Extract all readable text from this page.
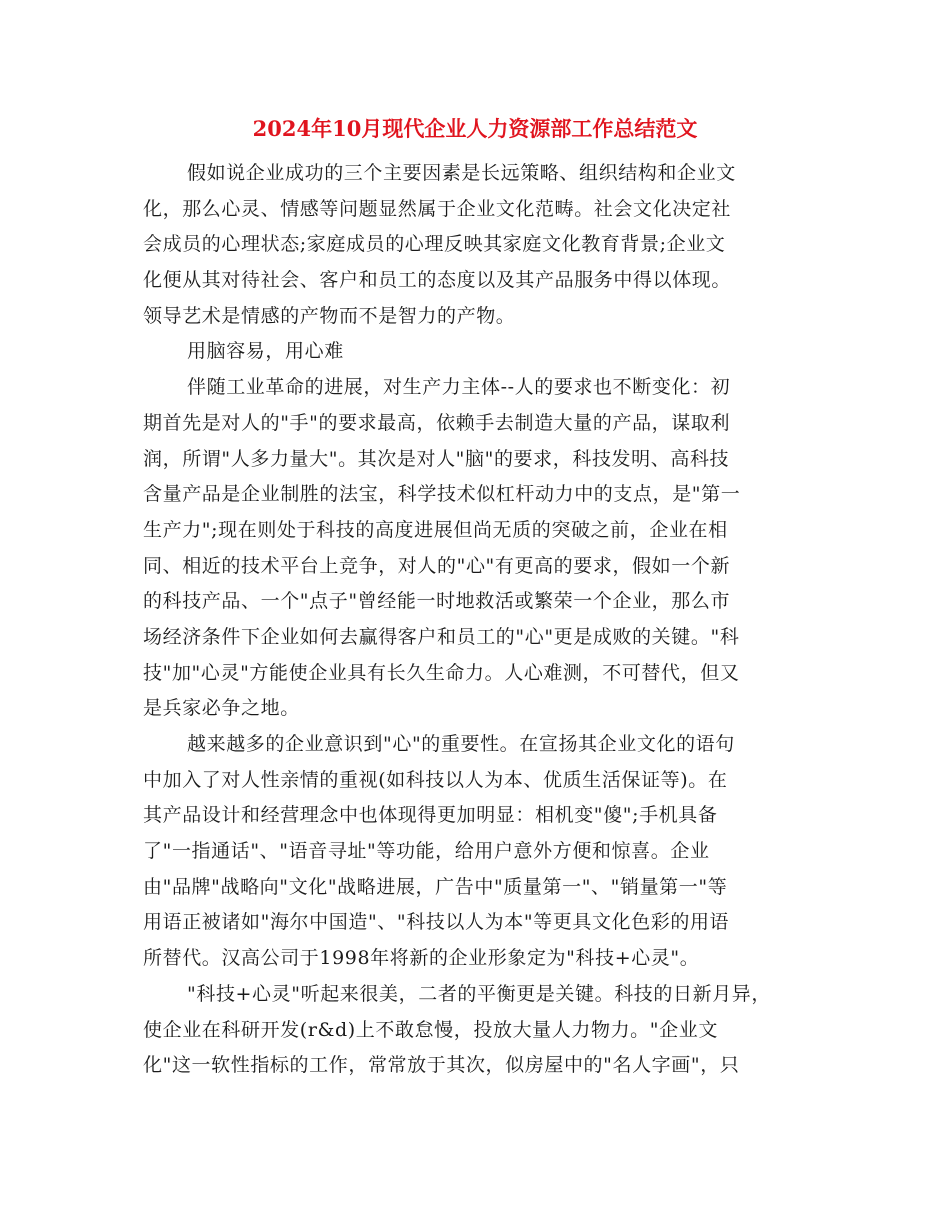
2024年10月现代企业人力资源部工作总结范文
假如说企业成功的三个主要因素是长远策略、组织结构和企业文
化，那么心灵、情感等问题显然属于企业文化范畴。社会文化决定社
会成员的心理状态;家庭成员的心理反映其家庭文化教育背景;企业文
化便从其对待社会、客户和员工的态度以及其产品服务中得以体现。
领导艺术是情感的产物而不是智力的产物。
用脑容易，用心难
伴随工业革命的进展，对生产力主体--人的要求也不断变化：初
期首先是对人的"手"的要求最高，依赖手去制造大量的产品，谋取利
润，所谓"人多力量大"。其次是对人"脑"的要求，科技发明、高科技
含量产品是企业制胜的法宝，科学技术似杠杆动力中的支点，是"第一
生产力";现在则处于科技的高度进展但尚无质的突破之前，企业在相
同、相近的技术平台上竞争，对人的"心"有更高的要求，假如一个新
的科技产品、一个"点子"曾经能一时地救活或繁荣一个企业，那么市
场经济条件下企业如何去赢得客户和员工的"心"更是成败的关键。"科
技"加"心灵"方能使企业具有长久生命力。人心难测，不可替代，但又
是兵家必争之地。
越来越多的企业意识到"心"的重要性。在宣扬其企业文化的语句
中加入了对人性亲情的重视(如科技以人为本、优质生活保证等)。在
其产品设计和经营理念中也体现得更加明显：相机变"傻";手机具备
了"一指通话"、"语音寻址"等功能，给用户意外方便和惊喜。企业
由"品牌"战略向"文化"战略进展，广告中"质量第一"、"销量第一"等
用语正被诸如"海尔中国造"、"科技以人为本"等更具文化色彩的用语
所替代。汉高公司于1998年将新的企业形象定为"科技+心灵"。
"科技+心灵"听起来很美，二者的平衡更是关键。科技的日新月异，
使企业在科研开发(r&d)上不敢怠慢，投放大量人力物力。"企业文
化"这一软性指标的工作，常常放于其次，似房屋中的"名人字画"，只
